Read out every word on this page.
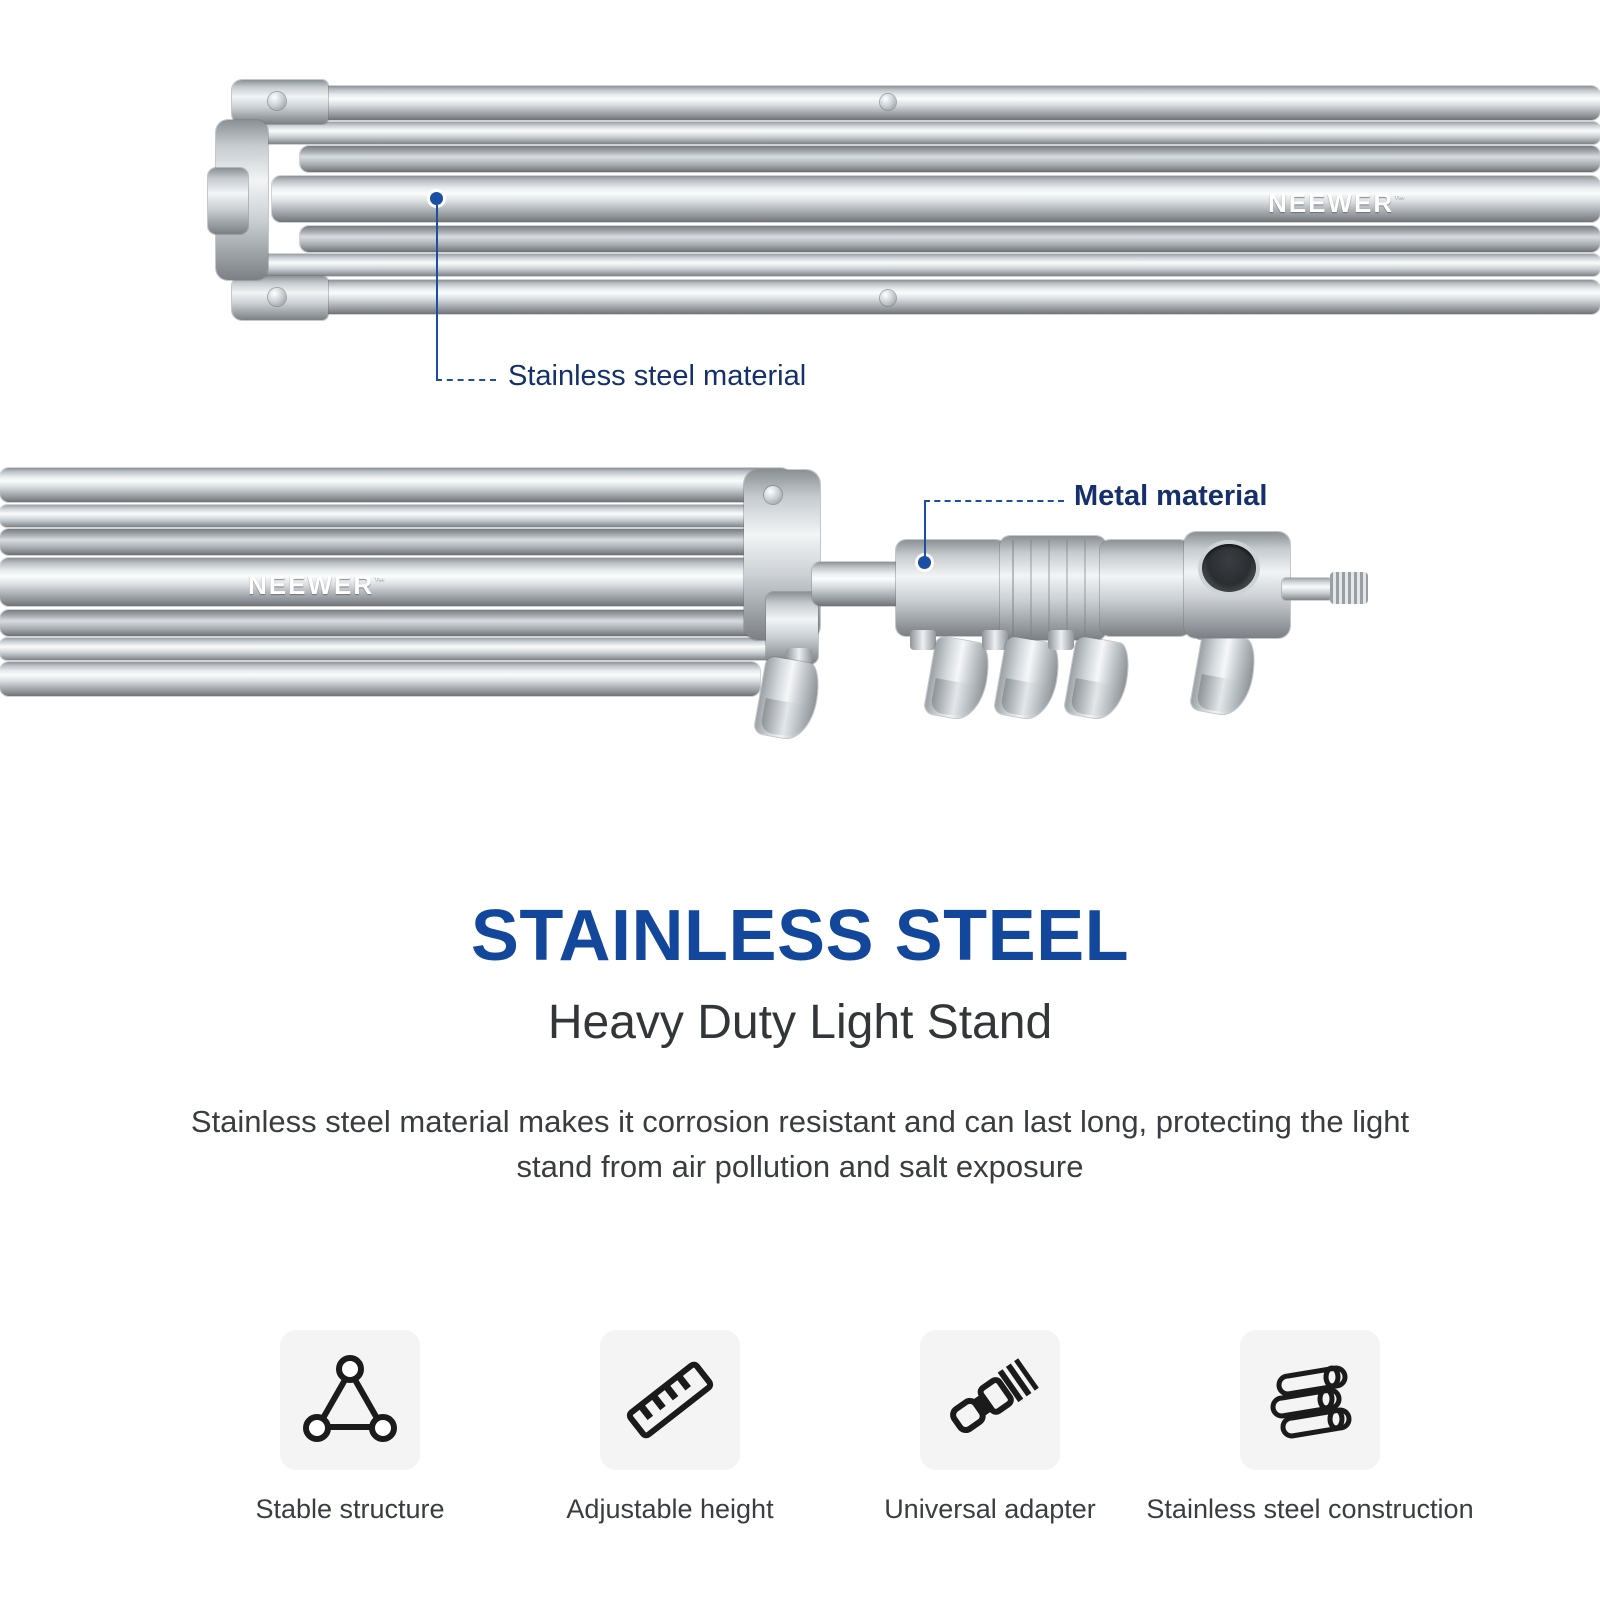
NEEWER™
Stainless steel material
NEEWER™
Metal material
STAINLESS STEEL
Heavy Duty Light Stand
Stainless steel material makes it corrosion resistant and can last long, protecting the light stand from air pollution and salt exposure
Stable structure	Adjustable height	Universal adapter Stainless steel construction
